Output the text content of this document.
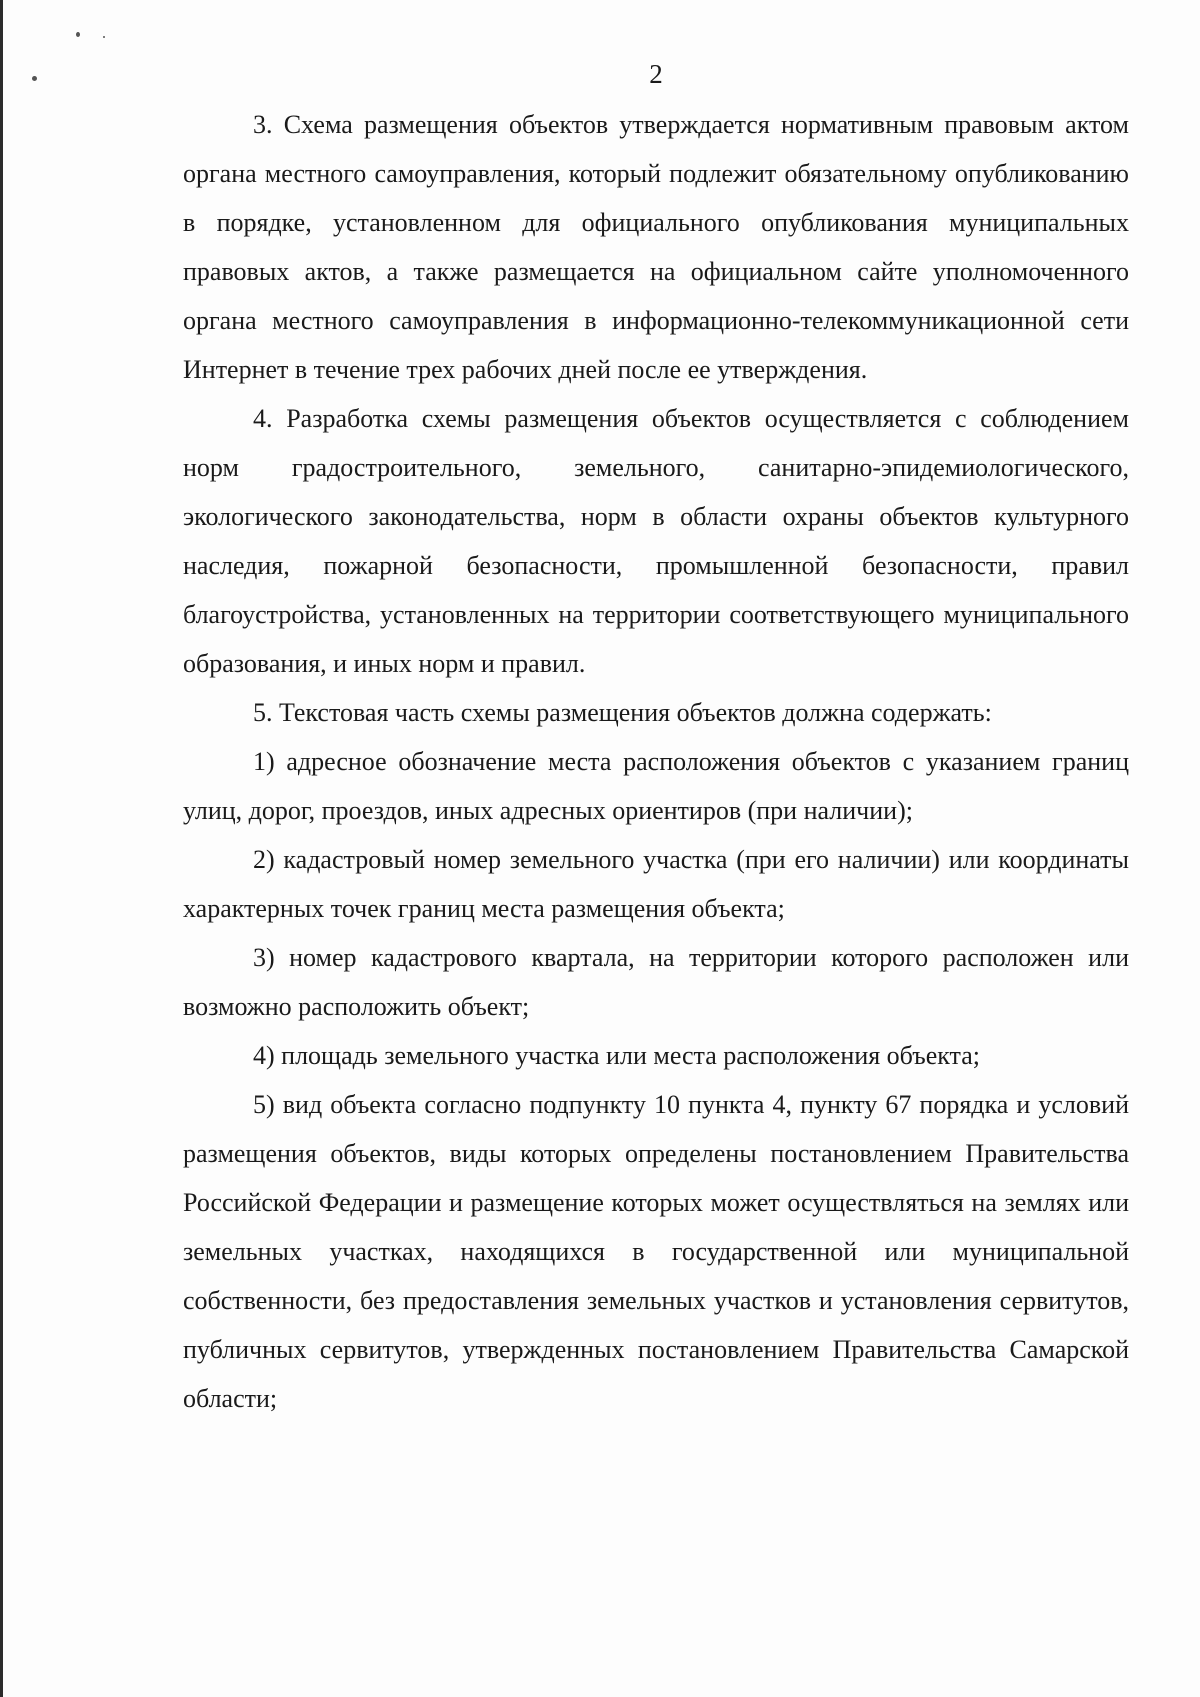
2

3. Схема размещения объектов утверждается нормативным правовым актом органа местного самоуправления, который подлежит обязательному опубликованию в порядке, установленном для официального опубликования муниципальных правовых актов, а также размещается на официальном сайте уполномоченного органа местного самоуправления в информационно-телекоммуникационной сети Интернет в течение трех рабочих дней после ее утверждения.

4. Разработка схемы размещения объектов осуществляется с соблюдением норм градостроительного, земельного, санитарно-эпидемиологического, экологического законодательства, норм в области охраны объектов культурного наследия, пожарной безопасности, промышленной безопасности, правил благоустройства, установленных на территории соответствующего муниципального образования, и иных норм и правил.

5. Текстовая часть схемы размещения объектов должна содержать:

1) адресное обозначение места расположения объектов с указанием границ улиц, дорог, проездов, иных адресных ориентиров (при наличии);

2) кадастровый номер земельного участка (при его наличии) или координаты характерных точек границ места размещения объекта;

3) номер кадастрового квартала, на территории которого расположен или возможно расположить объект;

4) площадь земельного участка или места расположения объекта;

5) вид объекта согласно подпункту 10 пункта 4, пункту 67 порядка и условий размещения объектов, виды которых определены постановлением Правительства Российской Федерации и размещение которых может осуществляться на землях или земельных участках, находящихся в государственной или муниципальной собственности, без предоставления земельных участков и установления сервитутов, публичных сервитутов, утвержденных постановлением Правительства Самарской области;
